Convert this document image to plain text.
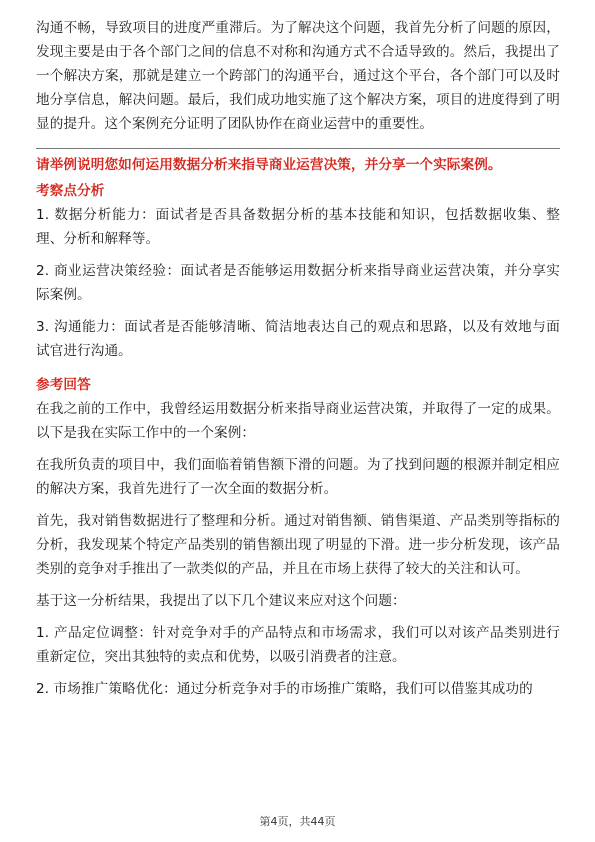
沟通不畅，导致项目的进度严重滞后。为了解决这个问题，我首先分析了问题的原因，发现主要是由于各个部门之间的信息不对称和沟通方式不合适导致的。然后，我提出了一个解决方案，那就是建立一个跨部门的沟通平台，通过这个平台，各个部门可以及时地分享信息，解决问题。最后，我们成功地实施了这个解决方案，项目的进度得到了明显的提升。这个案例充分证明了团队协作在商业运营中的重要性。

请举例说明您如何运用数据分析来指导商业运营决策，并分享一个实际案例。

考察点分析

1. 数据分析能力：面试者是否具备数据分析的基本技能和知识，包括数据收集、整理、分析和解释等。

2. 商业运营决策经验：面试者是否能够运用数据分析来指导商业运营决策，并分享实际案例。

3. 沟通能力：面试者是否能够清晰、简洁地表达自己的观点和思路，以及有效地与面试官进行沟通。

参考回答

在我之前的工作中，我曾经运用数据分析来指导商业运营决策，并取得了一定的成果。以下是我在实际工作中的一个案例：

在我所负责的项目中，我们面临着销售额下滑的问题。为了找到问题的根源并制定相应的解决方案，我首先进行了一次全面的数据分析。

首先，我对销售数据进行了整理和分析。通过对销售额、销售渠道、产品类别等指标的分析，我发现某个特定产品类别的销售额出现了明显的下滑。进一步分析发现，该产品类别的竞争对手推出了一款类似的产品，并且在市场上获得了较大的关注和认可。

基于这一分析结果，我提出了以下几个建议来应对这个问题：

1. 产品定位调整：针对竞争对手的产品特点和市场需求，我们可以对该产品类别进行重新定位，突出其独特的卖点和优势，以吸引消费者的注意。

2. 市场推广策略优化：通过分析竞争对手的市场推广策略，我们可以借鉴其成功的

第4页，共44页
